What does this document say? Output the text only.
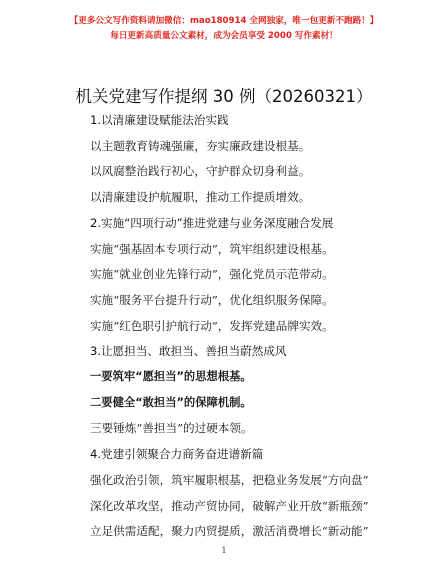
【更多公文写作资料请加微信：mao180914 全网独家，唯一包更新不跑路！】
每日更新高质量公文素材，成为会员享受 2000 写作素材！
机关党建写作提纲 30 例（20260321）
1.以清廉建设赋能法治实践
以主题教育铸魂强廉，夯实廉政建设根基。
以风腐整治践行初心，守护群众切身利益。
以清廉建设护航履职，推动工作提质增效。
2.实施“四项行动”推进党建与业务深度融合发展
实施“强基固本专项行动”，筑牢组织建设根基。
实施“就业创业先锋行动”，强化党员示范带动。
实施“服务平台提升行动”，优化组织服务保障。
实施“红色职引护航行动”，发挥党建品牌实效。
3.让愿担当、敢担当、善担当蔚然成风
一要筑牢“愿担当”的思想根基。
二要健全“敢担当”的保障机制。
三要锤炼“善担当”的过硬本领。
4.党建引领聚合力商务奋进谱新篇
强化政治引领，筑牢履职根基，把稳业务发展“方向盘”
深化改革攻坚，推动产贸协同，破解产业开放“新瓶颈”
立足供需适配，聚力内贸提质，激活消费增长“新动能”
1
